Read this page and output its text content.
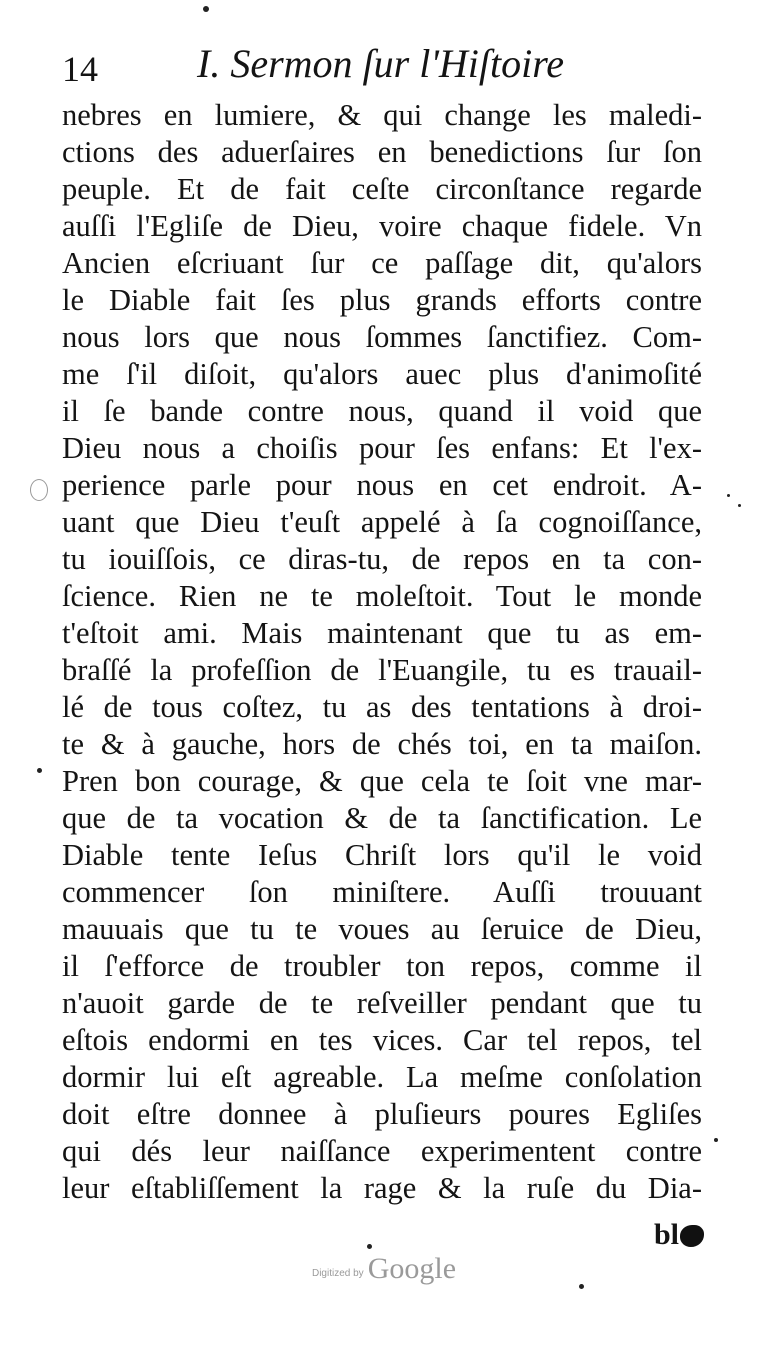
14 I. Sermon ſur l'Hiſtoire
nebres en lumiere, & qui change les maledi-
ctions des aduerſaires en benedictions ſur ſon
peuple. Et de fait ceſte circonſtance regarde
auſſi l'Egliſe de Dieu, voire chaque fidele. Vn
Ancien eſcriuant ſur ce paſſage dit, qu'alors
le Diable fait ſes plus grands efforts contre
nous lors que nous ſommes ſanctifiez. Com-
me ſ'il diſoit, qu'alors auec plus d'animoſité
il ſe bande contre nous, quand il void que
Dieu nous a choiſis pour ſes enfans: Et l'ex-
perience parle pour nous en cet endroit. A-
uant que Dieu t'euſt appelé à ſa cognoiſſance,
tu iouiſſois, ce diras-tu, de repos en ta con-
ſcience. Rien ne te moleſtoit. Tout le monde
t'eſtoit ami. Mais maintenant que tu as em-
braſſé la profeſſion de l'Euangile, tu es trauail-
lé de tous coſtez, tu as des tentations à droi-
te & à gauche, hors de chés toi, en ta maiſon.
Pren bon courage, & que cela te ſoit vne mar-
que de ta vocation & de ta ſanctification. Le
Diable tente Ieſus Chriſt lors qu'il le void
commencer ſon miniſtere. Auſſi trouuant
mauuais que tu te voues au ſeruice de Dieu,
il ſ'efforce de troubler ton repos, comme il
n'auoit garde de te reſveiller pendant que tu
eſtois endormi en tes vices. Car tel repos, tel
dormir lui eſt agreable. La meſme conſolation
doit eſtre donnee à pluſieurs poures Egliſes
qui dés leur naiſſance experimentent contre
leur eſtabliſſement la rage & la ruſe du Dia-
bl
Digitized by Google
